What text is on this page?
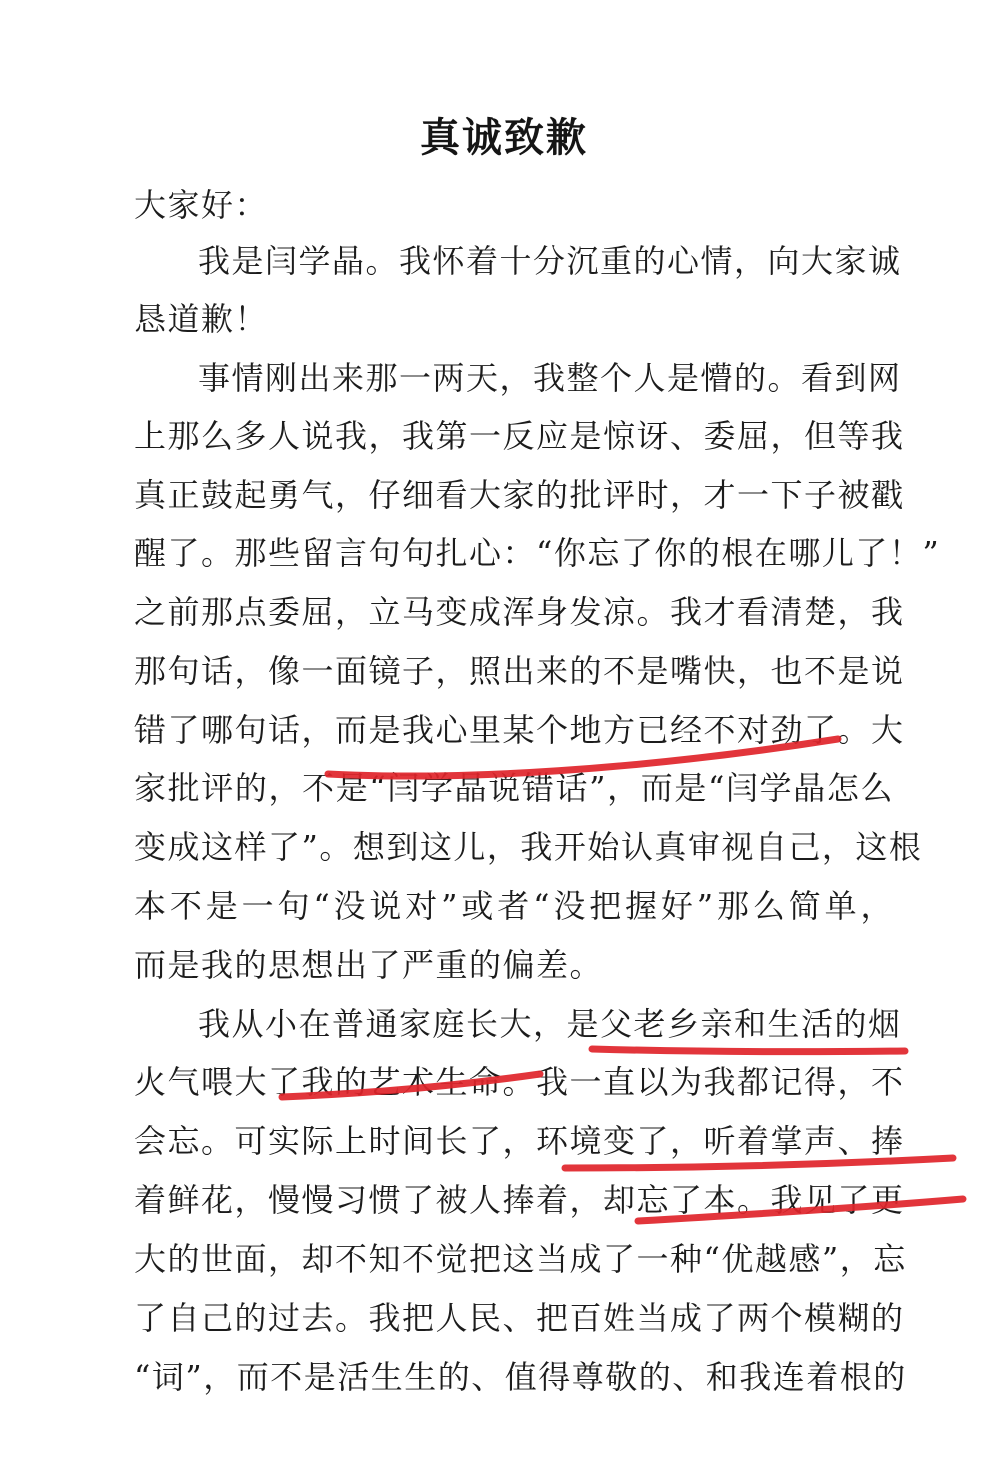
真诚致歉
大家好：
我是闫学晶。我怀着十分沉重的心情，向大家诚
恳道歉！
事情刚出来那一两天，我整个人是懵的。看到网
上那么多人说我，我第一反应是惊讶、委屈，但等我
真正鼓起勇气，仔细看大家的批评时，才一下子被戳
醒了。那些留言句句扎心：“你忘了你的根在哪儿了！”
之前那点委屈，立马变成浑身发凉。我才看清楚，我
那句话，像一面镜子，照出来的不是嘴快，也不是说
错了哪句话，而是我心里某个地方已经不对劲了。大
家批评的，不是“闫学晶说错话”，而是“闫学晶怎么
变成这样了”。想到这儿，我开始认真审视自己，这根
本不是一句“没说对”或者“没把握好”那么简单，
而是我的思想出了严重的偏差。
我从小在普通家庭长大，是父老乡亲和生活的烟
火气喂大了我的艺术生命。我一直以为我都记得，不
会忘。可实际上时间长了，环境变了，听着掌声、捧
着鲜花，慢慢习惯了被人捧着，却忘了本。我见了更
大的世面，却不知不觉把这当成了一种“优越感”，忘
了自己的过去。我把人民、把百姓当成了两个模糊的
“词”，而不是活生生的、值得尊敬的、和我连着根的
